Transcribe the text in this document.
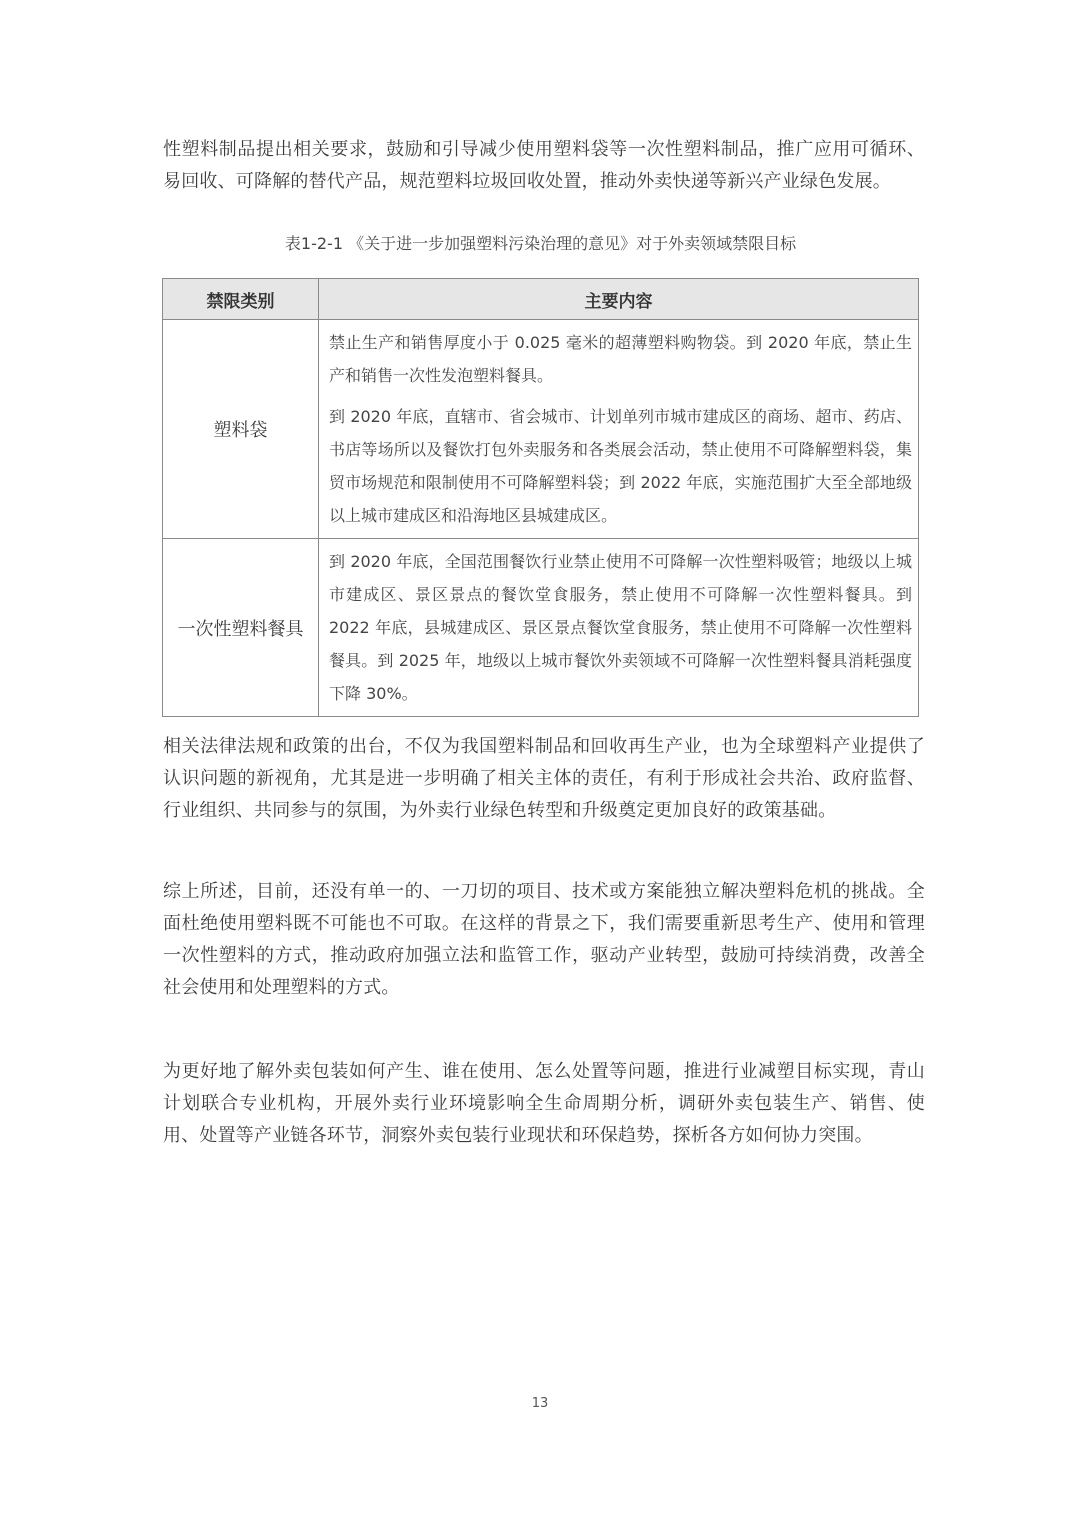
性塑料制品提出相关要求，鼓励和引导减少使用塑料袋等一次性塑料制品，推广应用可循环、易回收、可降解的替代产品，规范塑料垃圾回收处置，推动外卖快递等新兴产业绿色发展。

表1-2-1 《关于进一步加强塑料污染治理的意见》对于外卖领域禁限目标
禁限类别	主要内容
塑料袋	禁止生产和销售厚度小于 0.025 毫米的超薄塑料购物袋。到 2020 年底，禁止生产和销售一次性发泡塑料餐具。

到 2020 年底，直辖市、省会城市、计划单列市城市建成区的商场、超市、药店、书店等场所以及餐饮打包外卖服务和各类展会活动，禁止使用不可降解塑料袋，集贸市场规范和限制使用不可降解塑料袋；到 2022 年底，实施范围扩大至全部地级以上城市建成区和沿海地区县城建成区。

一次性塑料餐具	到 2020 年底，全国范围餐饮行业禁止使用不可降解一次性塑料吸管；地级以上城市建成区、景区景点的餐饮堂食服务，禁止使用不可降解一次性塑料餐具。到 2022 年底，县城建成区、景区景点餐饮堂食服务，禁止使用不可降解一次性塑料餐具。到 2025 年，地级以上城市餐饮外卖领域不可降解一次性塑料餐具消耗强度下降 30%。

相关法律法规和政策的出台，不仅为我国塑料制品和回收再生产业，也为全球塑料产业提供了认识问题的新视角，尤其是进一步明确了相关主体的责任，有利于形成社会共治、政府监督、行业组织、共同参与的氛围，为外卖行业绿色转型和升级奠定更加良好的政策基础。

综上所述，目前，还没有单一的、一刀切的项目、技术或方案能独立解决塑料危机的挑战。全面杜绝使用塑料既不可能也不可取。在这样的背景之下，我们需要重新思考生产、使用和管理一次性塑料的方式，推动政府加强立法和监管工作，驱动产业转型，鼓励可持续消费，改善全社会使用和处理塑料的方式。

为更好地了解外卖包装如何产生、谁在使用、怎么处置等问题，推进行业减塑目标实现，青山计划联合专业机构，开展外卖行业环境影响全生命周期分析，调研外卖包装生产、销售、使用、处置等产业链各环节，洞察外卖包装行业现状和环保趋势，探析各方如何协力突围。

13
